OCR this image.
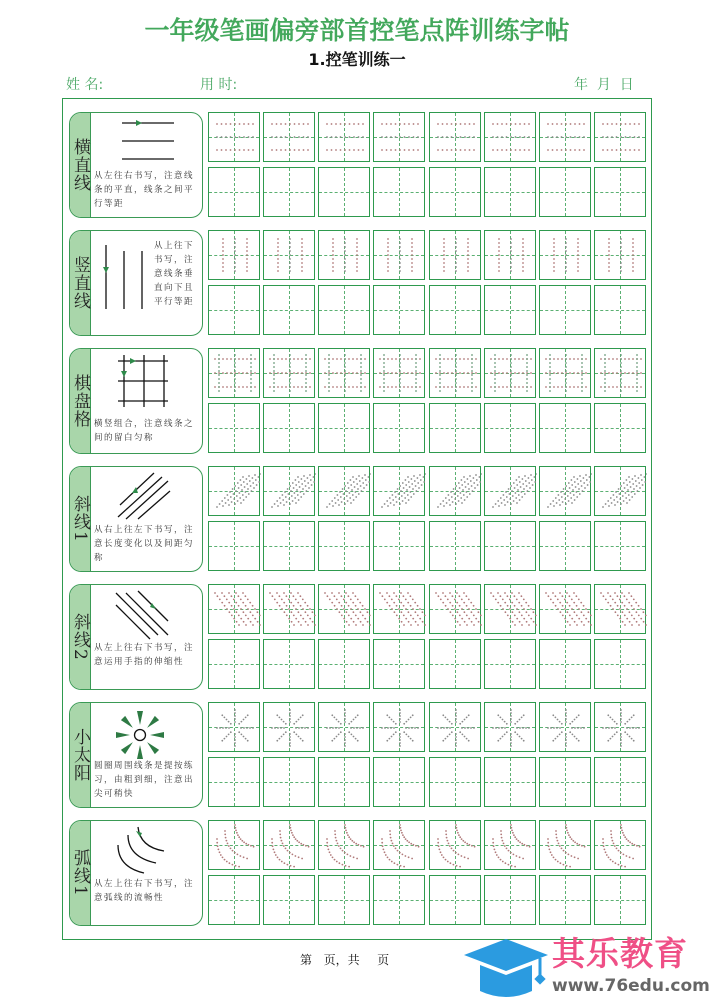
一年级笔画偏旁部首控笔点阵训练字帖
1.控笔训练一
姓 名:	用 时:	年  月  日
横直线 从左往右书写，注意线条的平直，线条之间平行等距
竖直线
从上往下书写，注意线条垂直向下且平行等距
棋盘格 横竖组合，注意线条之间的留白匀称
斜线1 从右上往左下书写，注意长度变化以及间距匀称
斜线2 从左上往右下书写，注意运用手指的伸缩性
小太阳 圆圈周围线条是提按练习，由粗到细，注意出尖可稍快
弧线1 从左上往右下书写，注意弧线的流畅性
第  页，共   页	其乐教育
www.76edu.com
